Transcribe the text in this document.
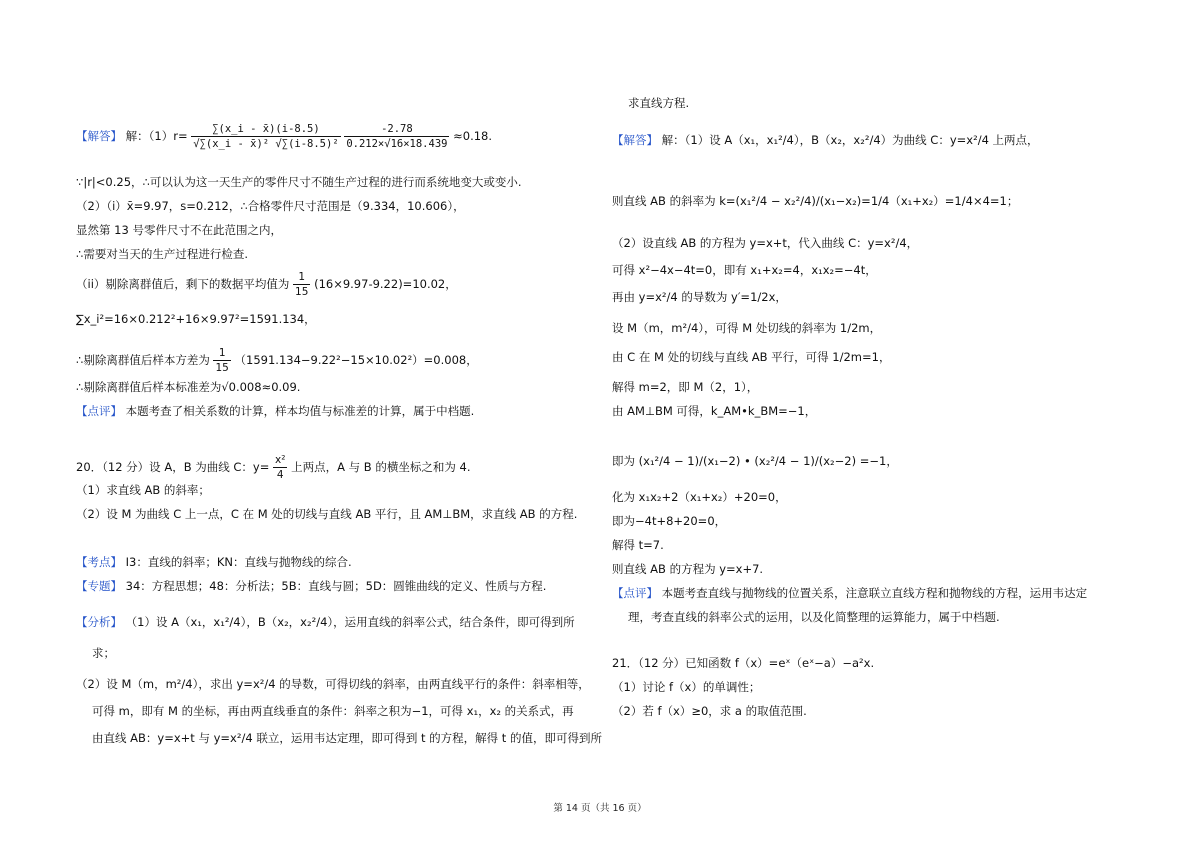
【解答】 解：$(1)r= \frac{\sum(x\_i - x̄)(i-8.5)}{\text{√∑(x\_i - x̄)² √∑(i-8.5)²}}$
$\frac{-2.78}{0.212\times√16\times 18.439} \approx 0.18$.
∵|r|<0.25，∴可以认为这一天生产的零件尺寸不随生产过程的进行而系统地变大或变小.
（2）（i）x̄=9.97，s=0.212，∴合格零件尺寸范围是（9.334，10.606），
显然第 13 号零件尺寸不在此范围之内，
∴需要对当天的生产过程进行检查.
（ii）剔除离群值后，剩下的数据平均值为 $\frac{1}{15} (16\times 9.97-9.22)=10.02$，
∑x_i²=16×0.212²+16×9.97²=1591.134，
∴剔除离群值后样本方差为 $\frac{1}{15} (1591.134-9.22^2-15\times 10.02^2)=0.008$，
∴剔除离群值后样本标准差为√0.008≈0.09.
【点评】 本题考查了相关系数的计算，样本均值与标准差的计算，属于中档题.
20．（12 分）设 A，B 为曲线 C：$y= \frac{\text{x²}}{4}$ 上两点，A 与 B 的横坐标之和为 4.
（1）求直线 AB 的斜率；
（2）设 M 为曲线 C 上一点，C 在 M 处的切线与直线 AB 平行，且 AM⊥BM，求直线 AB 的方程.
【考点】 I3：直线的斜率；KN：直线与抛物线的综合.
【专题】 34：方程思想；48：分析法；5B：直线与圆；5D：圆锥曲线的定义、性质与方程.
【分析】 （1）设 A（x₁，x₁²/4），B（x₂，x₂²/4），运用直线的斜率公式，结合条件，即可得到所
求；
（2）设 M（m，m²/4），求出 y=x²/4 的导数，可得切线的斜率，由两直线平行的条件：斜率相等，
可得 m，即有 M 的坐标，再由两直线垂直的条件：斜率之积为−1，可得 x₁，x₂ 的关系式，再
由直线 AB：y=x+t 与 y=x²/4 联立，运用韦达定理，即可得到 t 的方程，解得 t 的值，即可得到所
求直线方程.
【解答】 解：（1）设 A（x₁，x₁²/4），B（x₂，x₂²/4）为曲线 C：y=x²/4 上两点，
则直线 AB 的斜率为 k=(x₁²/4 − x₂²/4)/(x₁−x₂)=1/4（x₁+x₂）=1/4×4=1；
（2）设直线 AB 的方程为 y=x+t，代入曲线 C：y=x²/4，
可得 x²−4x−4t=0，即有 x₁+x₂=4，x₁x₂=−4t，
再由 y=x²/4 的导数为 y′=1/2x，
设 M（m，m²/4），可得 M 处切线的斜率为 1/2m，
由 C 在 M 处的切线与直线 AB 平行，可得 1/2m=1，
解得 m=2，即 M（2，1），
由 AM⊥BM 可得，k_AM•k_BM=−1，
即为 (x₁²/4 − 1)/(x₁−2) • (x₂²/4 − 1)/(x₂−2) =−1，
化为 x₁x₂+2（x₁+x₂）+20=0，
即为−4t+8+20=0，
解得 t=7.
则直线 AB 的方程为 y=x+7.
【点评】 本题考查直线与抛物线的位置关系，注意联立直线方程和抛物线的方程，运用韦达定
理，考查直线的斜率公式的运用，以及化简整理的运算能力，属于中档题.
21．（12 分）已知函数 f（x）=eˣ（eˣ−a）−a²x.
（1）讨论 f（x）的单调性；
（2）若 f（x）≥0，求 a 的取值范围.
第 14 页（共 16 页）
